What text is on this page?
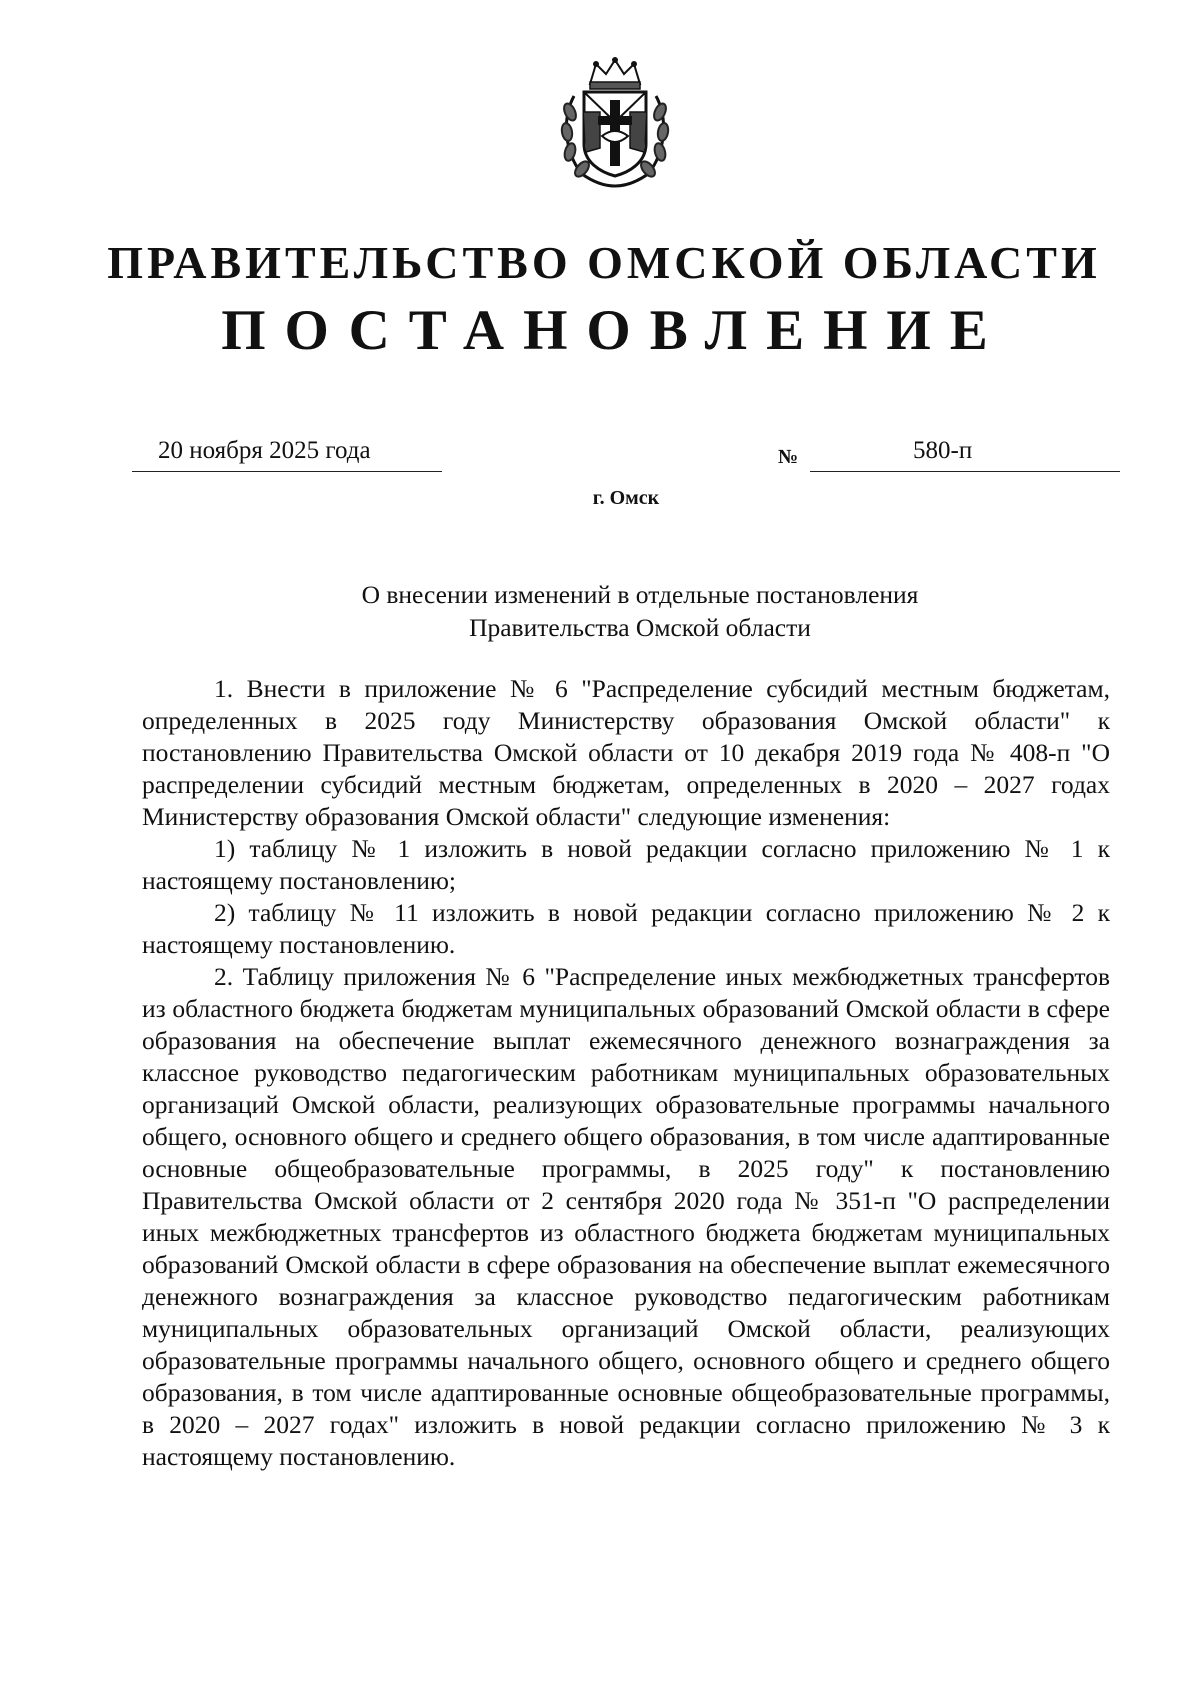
ПРАВИТЕЛЬСТВО ОМСКОЙ ОБЛАСТИ
ПОСТАНОВЛЕНИЕ
20 ноября 2025 года	№	580-п
г. Омск
О внесении изменений в отдельные постановления
Правительства Омской области

1. Внести в приложение № 6 "Распределение субсидий местным бюджетам, определенных в 2025 году Министерству образования Омской области" к постановлению Правительства Омской области от 10 декабря 2019 года № 408-п "О распределении субсидий местным бюджетам, определенных в 2020 – 2027 годах Министерству образования Омской области" следующие изменения:

1) таблицу № 1 изложить в новой редакции согласно приложению № 1 к настоящему постановлению;

2) таблицу № 11 изложить в новой редакции согласно приложению № 2 к настоящему постановлению.

2. Таблицу приложения № 6 "Распределение иных межбюджетных трансфертов из областного бюджета бюджетам муниципальных образований Омской области в сфере образования на обеспечение выплат ежемесячного денежного вознаграждения за классное руководство педагогическим работникам муниципальных образовательных организаций Омской области, реализующих образовательные программы начального общего, основного общего и среднего общего образования, в том числе адаптированные основные общеобразовательные программы, в 2025 году" к постановлению Правительства Омской области от 2 сентября 2020 года № 351-п "О распределении иных межбюджетных трансфертов из областного бюджета бюджетам муниципальных образований Омской области в сфере образования на обеспечение выплат ежемесячного денежного вознаграждения за классное руководство педагогическим работникам муниципальных образовательных организаций Омской области, реализующих образовательные программы начального общего, основного общего и среднего общего образования, в том числе адаптированные основные общеобразовательные программы, в 2020 – 2027 годах" изложить в новой редакции согласно приложению № 3 к настоящему постановлению.
